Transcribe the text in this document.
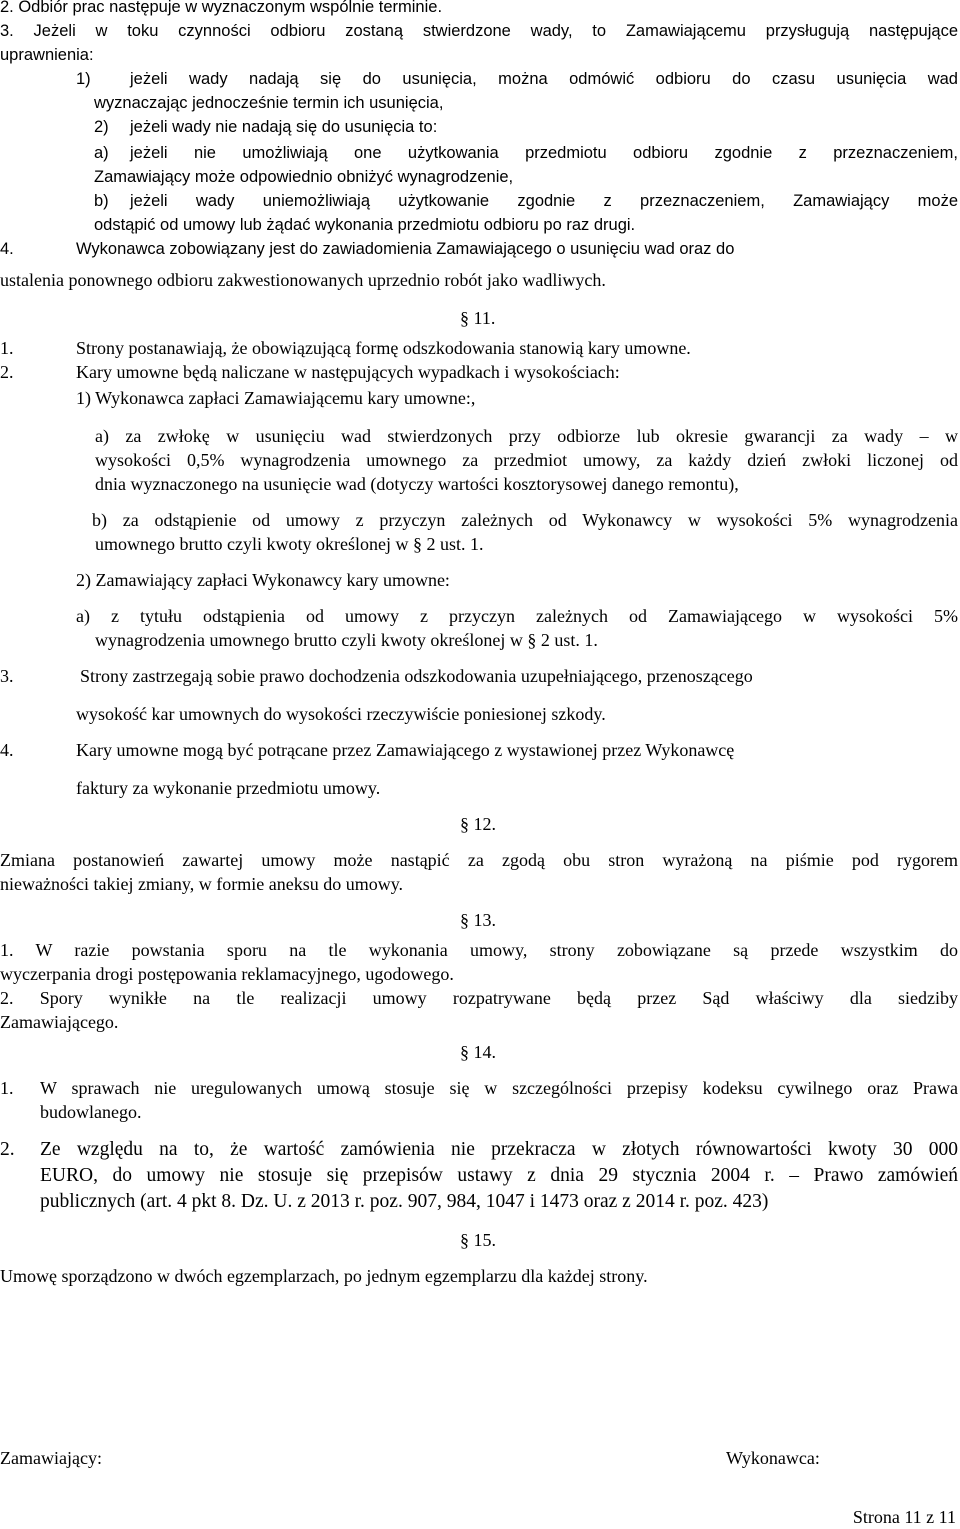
2. Odbiór prac następuje w wyznaczonym wspólnie terminie.

3. Jeżeli w toku czynności odbioru zostaną stwierdzone wady, to Zamawiającemu przysługują następujące

uprawnienia:

1) jeżeli wady nadają się do usunięcia, można odmówić odbioru do czasu usunięcia wad

wyznaczając jednocześnie termin ich usunięcia,

2) jeżeli wady nie nadają się do usunięcia to:

a) jeżeli nie umożliwiają one użytkowania przedmiotu odbioru zgodnie z przeznaczeniem,

Zamawiający może odpowiednio obniżyć wynagrodzenie,

b) jeżeli wady uniemożliwiają użytkowanie zgodnie z przeznaczeniem, Zamawiający może

odstąpić od umowy lub żądać wykonania przedmiotu odbioru po raz drugi.

4.	Wykonawca zobowiązany jest do zawiadomienia Zamawiającego o usunięciu wad oraz do

ustalenia ponownego odbioru zakwestionowanych uprzednio robót jako wadliwych.

§ 11.

1.	Strony postanawiają, że obowiązującą formę odszkodowania stanowią kary umowne.

2.	Kary umowne będą naliczane w następujących wypadkach i wysokościach:

1) Wykonawca zapłaci Zamawiającemu kary umowne:,

a) za zwłokę w usunięciu wad stwierdzonych przy odbiorze lub okresie gwarancji za wady – w

wysokości 0,5% wynagrodzenia umownego za przedmiot umowy, za każdy dzień zwłoki liczonej od

dnia wyznaczonego na usunięcie wad (dotyczy wartości kosztorysowej danego remontu),

b) za odstąpienie od umowy z przyczyn zależnych od Wykonawcy w wysokości 5% wynagrodzenia

umownego brutto czyli kwoty określonej w § 2 ust. 1.

2) Zamawiający zapłaci Wykonawcy kary umowne:

a) z tytułu odstąpienia od umowy z przyczyn zależnych od Zamawiającego w wysokości 5%

wynagrodzenia umownego brutto czyli kwoty określonej w § 2 ust. 1.

3.	Strony zastrzegają sobie prawo dochodzenia odszkodowania uzupełniającego, przenoszącego

wysokość kar umownych do wysokości rzeczywiście poniesionej szkody.

4.	Kary umowne mogą być potrącane przez Zamawiającego z wystawionej przez Wykonawcę

faktury za wykonanie przedmiotu umowy.

§ 12.

Zmiana postanowień zawartej umowy może nastąpić za zgodą obu stron wyrażoną na piśmie pod rygorem

nieważności takiej zmiany, w formie aneksu do umowy.

§ 13.

1. W razie powstania sporu na tle wykonania umowy, strony zobowiązane są przede wszystkim do

wyczerpania drogi postępowania reklamacyjnego, ugodowego.

2. Spory wynikłe na tle realizacji umowy rozpatrywane będą przez Sąd właściwy dla siedziby

Zamawiającego.

§ 14.

1. W sprawach nie uregulowanych umową stosuje się w szczególności przepisy kodeksu cywilnego oraz Prawa

budowlanego.

2. Ze względu na to, że wartość zamówienia nie przekracza w złotych równowartości kwoty 30 000

EURO, do umowy nie stosuje się przepisów ustawy z dnia 29 stycznia 2004 r. – Prawo zamówień

publicznych (art. 4 pkt 8. Dz. U. z 2013 r. poz. 907, 984, 1047 i 1473 oraz z 2014 r. poz. 423)

§ 15.

Umowę sporządzono w dwóch egzemplarzach, po jednym egzemplarzu dla każdej strony.

Zamawiający:	Wykonawca:

Strona 11 z 11
